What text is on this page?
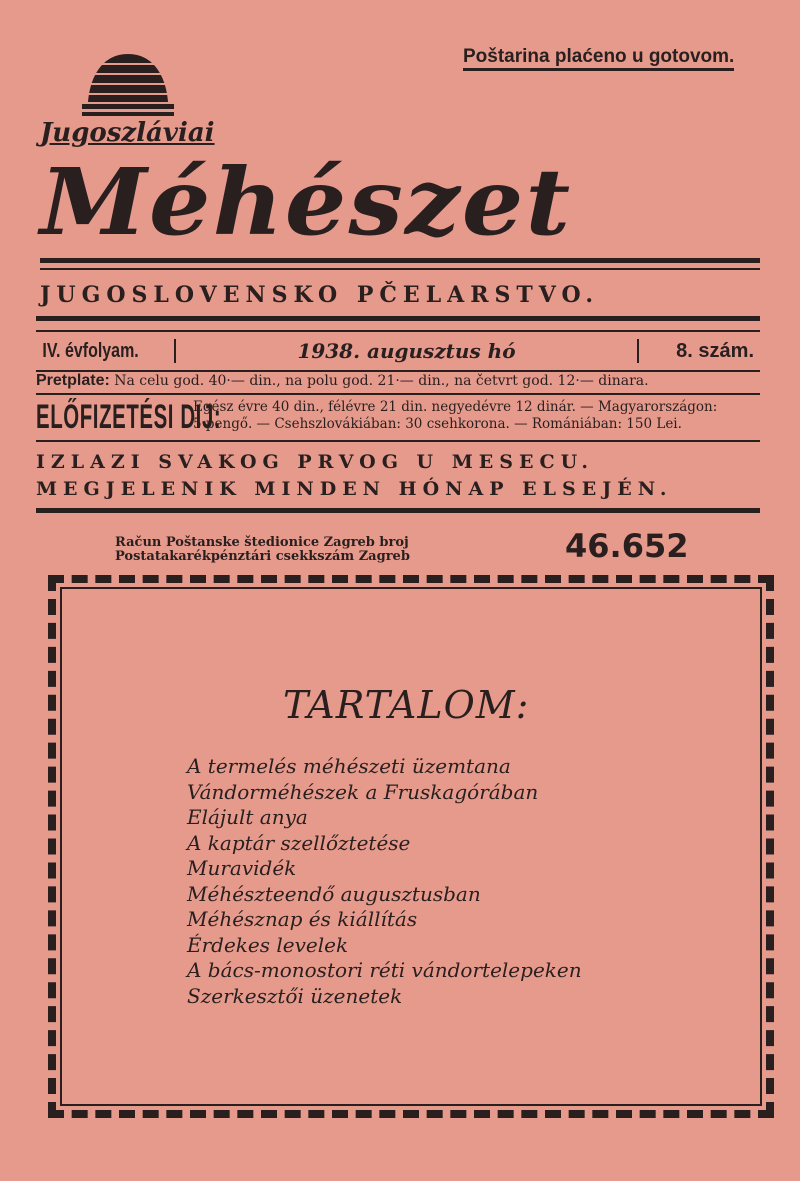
Poštarina plaćeno u gotovom.
Jugoszláviai
Méhészet
JUGOSLOVENSKO PČELARSTVO.
IV. évfolyam.	1938. augusztus hó	8. szám.
Pretplate: Na celu god. 40·— din., na polu god. 21·— din., na četvrt god. 12·— dinara.
ELŐFIZETÉSI DIJ:
Egész évre 40 din., félévre 21 din. negyedévre 12 dinár. — Magyarországon:
5 pengő. — Csehszlovákiában: 30 csehkorona. — Romániában: 150 Lei.
IZLAZI SVAKOG PRVOG U MESECU.
MEGJELENIK MINDEN HÓNAP ELSEJÉN.
Račun Poštanske štedionice Zagreb broj
Postatakarékpénztári csekkszám Zagreb	46.652
TARTALOM:
A termelés méhészeti üzemtana
Vándorméhészek a Fruskagórában
Elájult anya
A kaptár szellőztetése
Muravidék
Méhészteendő augusztusban
Méhésznap és kiállítás
Érdekes levelek
A bács-monostori réti vándortelepeken
Szerkesztői üzenetek
